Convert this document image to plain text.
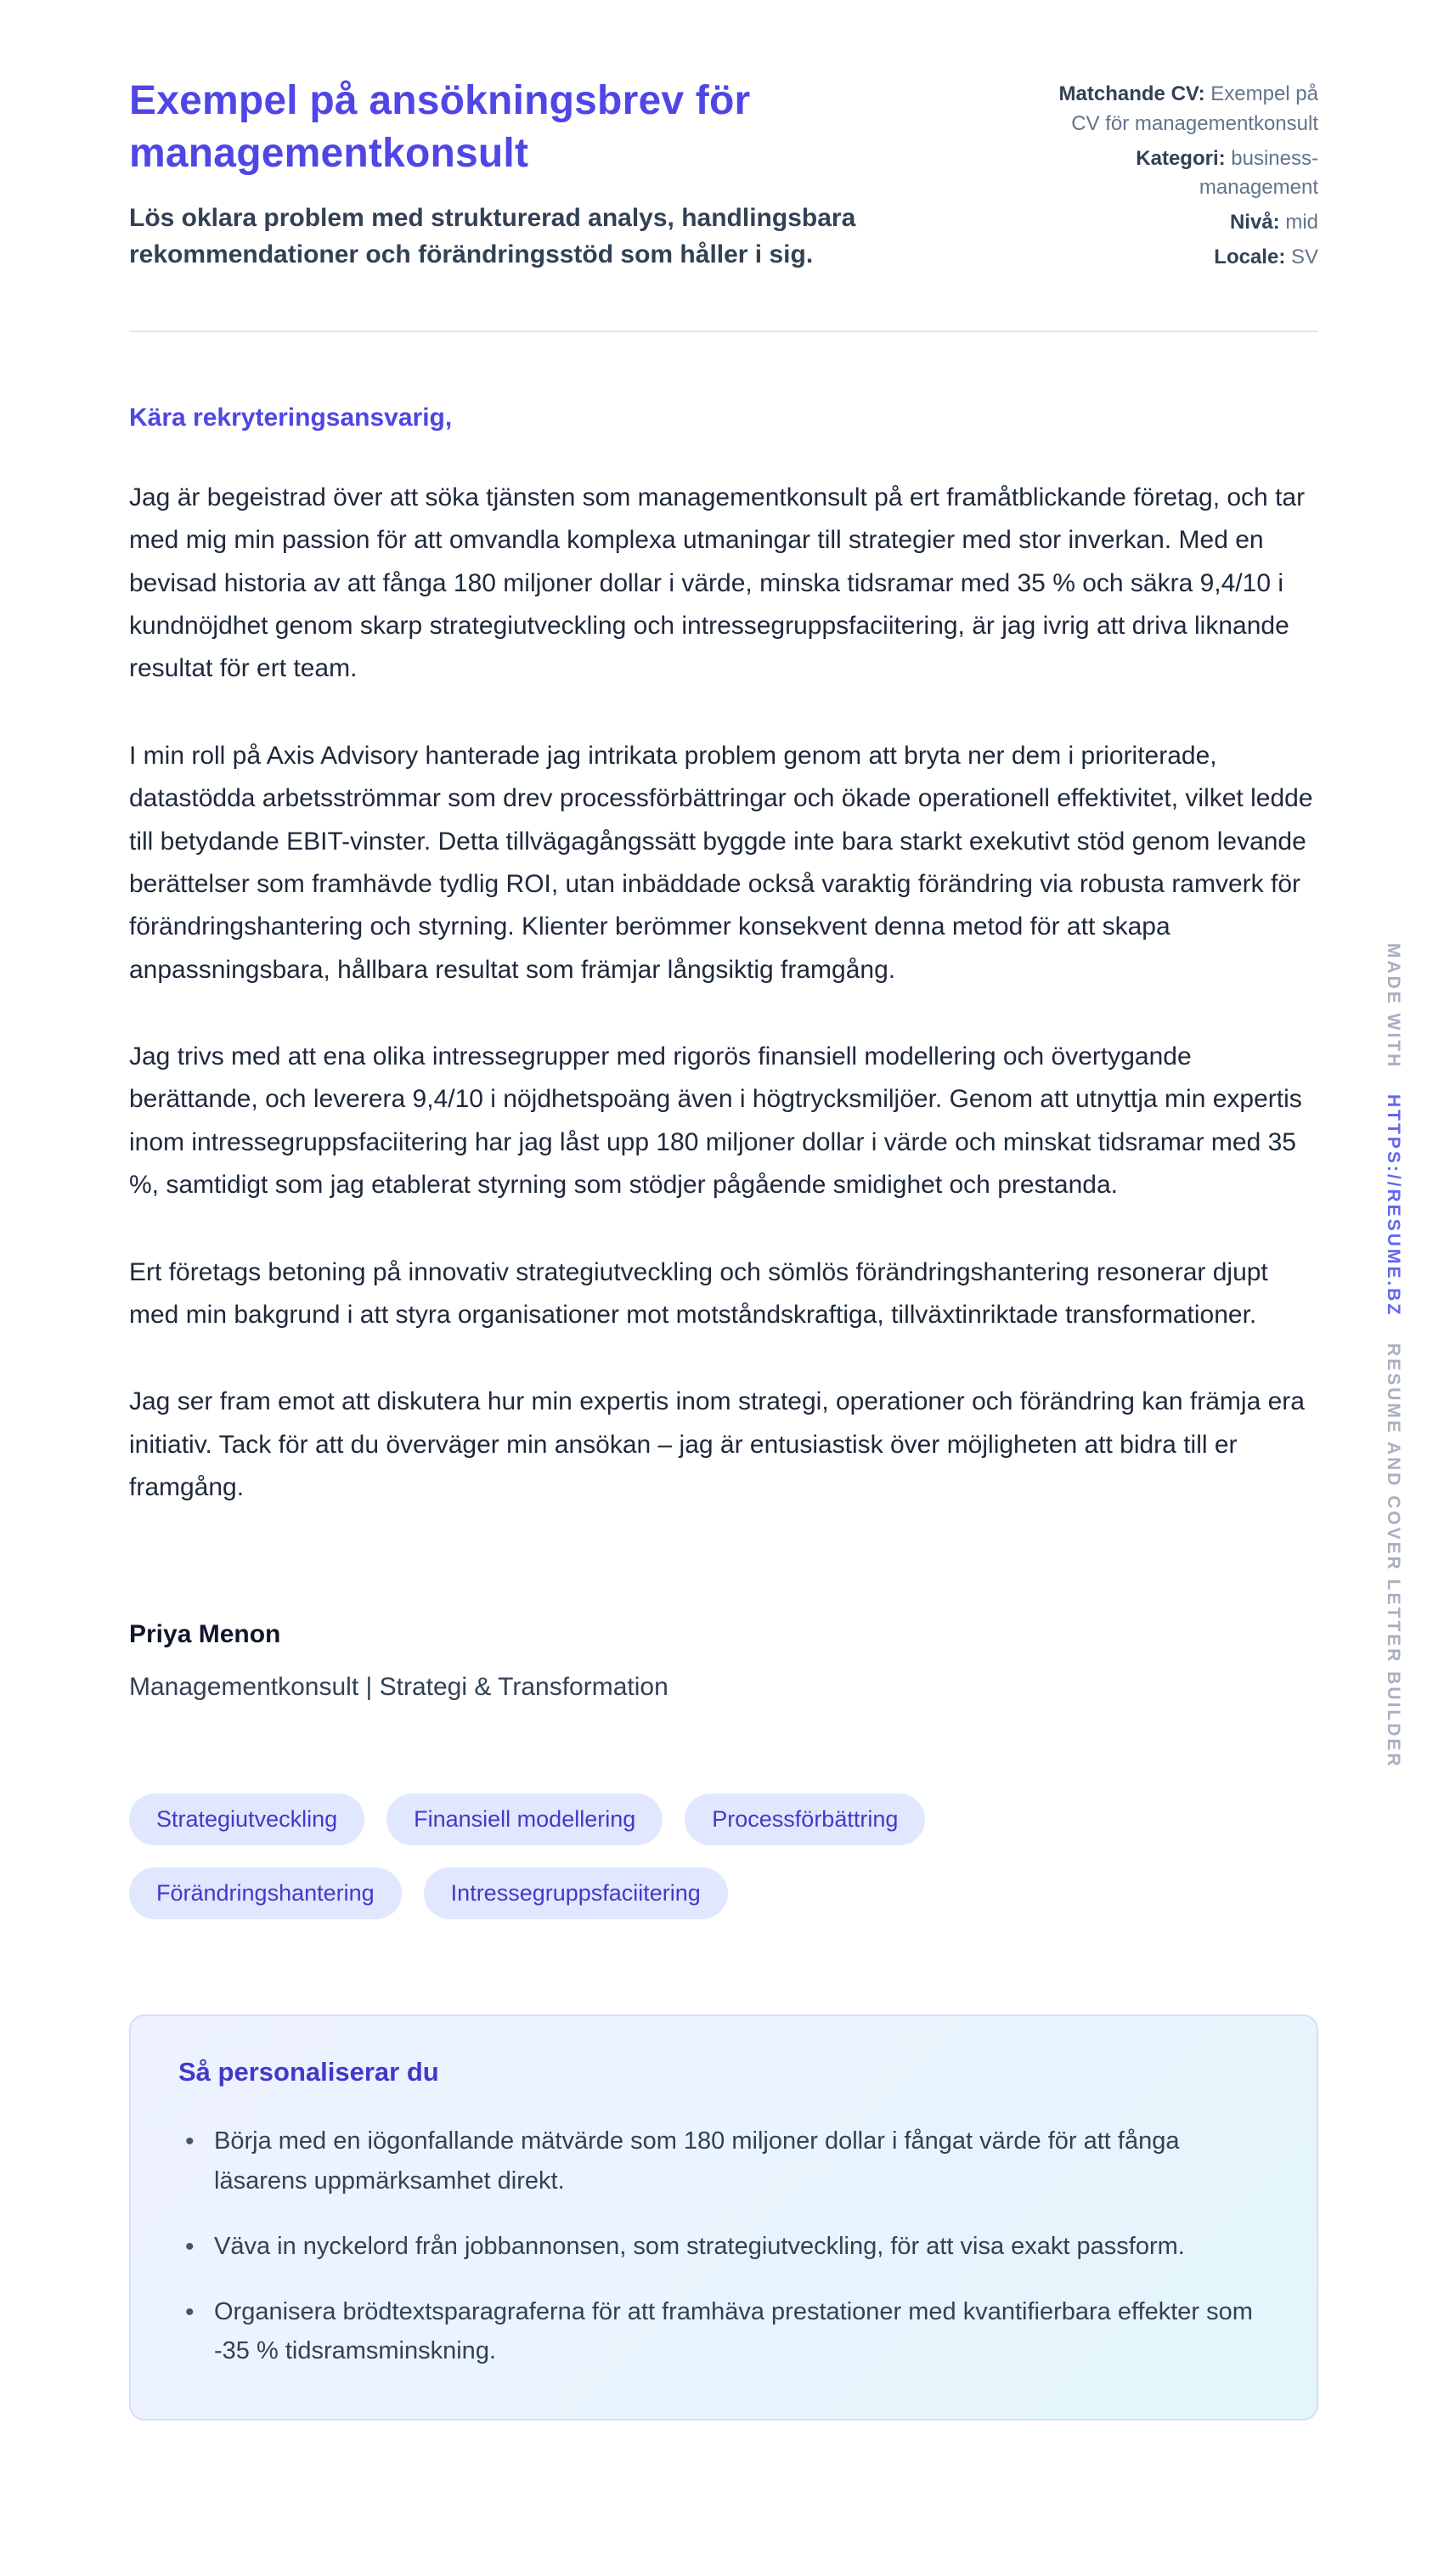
Exempel på ansökningsbrev för managementkonsult

Lös oklara problem med strukturerad analys, handlingsbara rekommendationer och förändringsstöd som håller i sig.

Matchande CV: Exempel på CV för managementkonsult
Kategori: business-management
Nivå: mid
Locale: SV

Kära rekryteringsansvarig,

Jag är begeistrad över att söka tjänsten som managementkonsult på ert framåtblickande företag, och tar med mig min passion för att omvandla komplexa utmaningar till strategier med stor inverkan. Med en bevisad historia av att fånga 180 miljoner dollar i värde, minska tidsramar med 35 % och säkra 9,4/10 i kundnöjdhet genom skarp strategiutveckling och intressegruppsfaciitering, är jag ivrig att driva liknande resultat för ert team.

I min roll på Axis Advisory hanterade jag intrikata problem genom att bryta ner dem i prioriterade, datastödda arbetsströmmar som drev processförbättringar och ökade operationell effektivitet, vilket ledde till betydande EBIT-vinster. Detta tillvägagångssätt byggde inte bara starkt exekutivt stöd genom levande berättelser som framhävde tydlig ROI, utan inbäddade också varaktig förändring via robusta ramverk för förändringshantering och styrning. Klienter berömmer konsekvent denna metod för att skapa anpassningsbara, hållbara resultat som främjar långsiktig framgång.

Jag trivs med att ena olika intressegrupper med rigorös finansiell modellering och övertygande berättande, och leverera 9,4/10 i nöjdhetspoäng även i högtrycksmiljöer. Genom att utnyttja min expertis inom intressegruppsfaciitering har jag låst upp 180 miljoner dollar i värde och minskat tidsramar med 35 %, samtidigt som jag etablerat styrning som stödjer pågående smidighet och prestanda.

Ert företags betoning på innovativ strategiutveckling och sömlös förändringshantering resonerar djupt med min bakgrund i att styra organisationer mot motståndskraftiga, tillväxtinriktade transformationer.

Jag ser fram emot att diskutera hur min expertis inom strategi, operationer och förändring kan främja era initiativ. Tack för att du överväger min ansökan – jag är entusiastisk över möjligheten att bidra till er framgång.

Priya Menon

Managementkonsult | Strategi & Transformation

Strategiutveckling	Finansiell modellering	Processförbättring
Förändringshantering	Intressegruppsfaciitering
Så personaliserar du
• Börja med en iögonfallande mätvärde som 180 miljoner dollar i fångat värde för att fånga läsarens uppmärksamhet direkt.
• Väva in nyckelord från jobbannonsen, som strategiutveckling, för att visa exakt passform.
• Organisera brödtextsparagraferna för att framhäva prestationer med kvantifierbara effekter som -35 % tidsramsminskning.
MADE WITH
HTTPS://RESUME.BZ
RESUME AND COVER LETTER BUILDER
